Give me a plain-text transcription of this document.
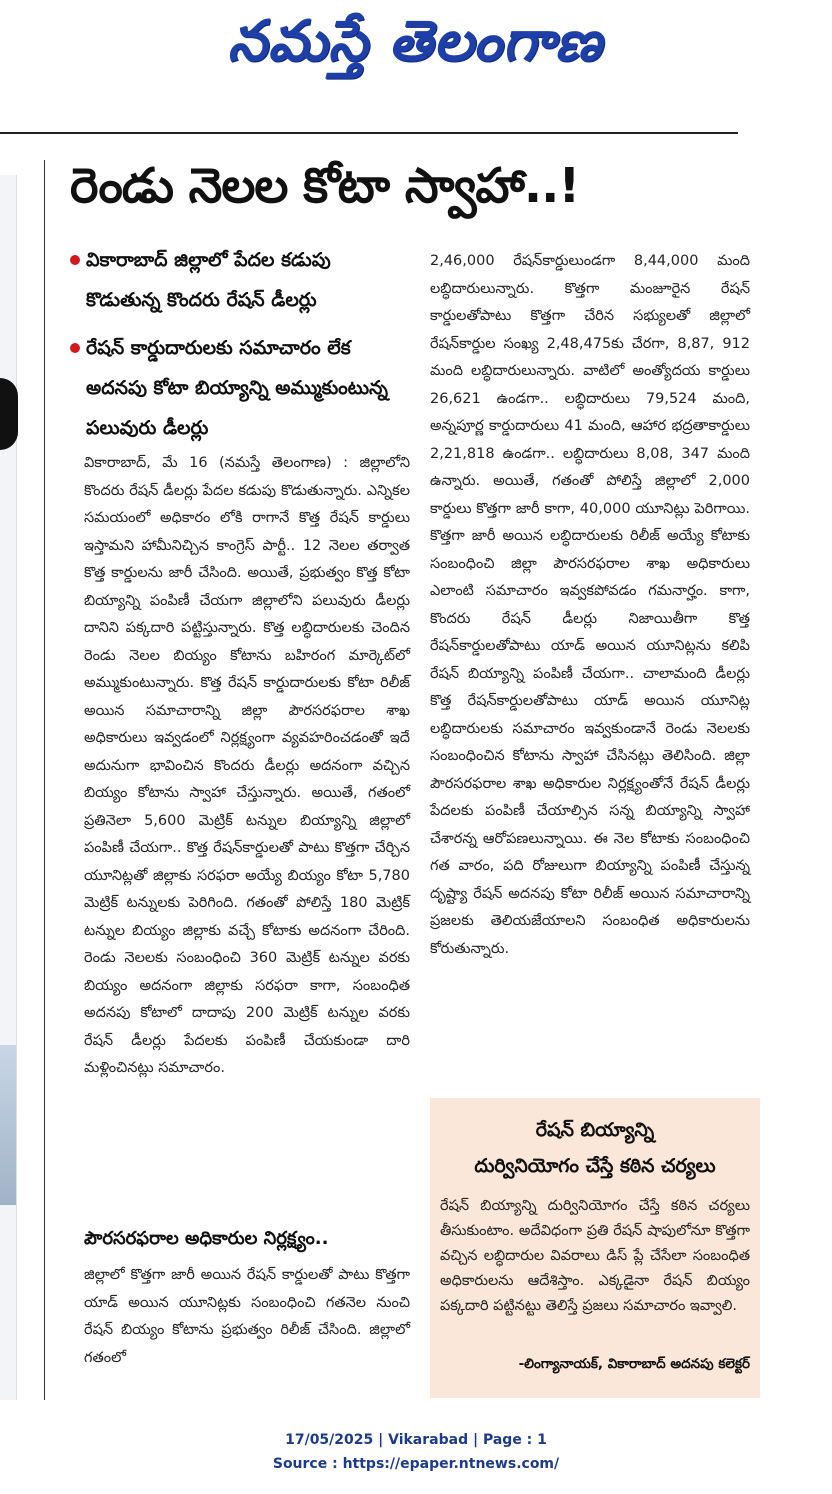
నమస్తే తెలంగాణ
రెండు నెలల కోటా స్వాహా..!
వికారాబాద్ జిల్లాలో పేదల కడుపు కొడుతున్న కొందరు రేషన్ డీలర్లు
రేషన్ కార్డుదారులకు సమాచారం లేక అదనపు కోటా బియ్యాన్ని అమ్ముకుంటున్న పలువురు డీలర్లు

వికారాబాద్, మే 16 (నమస్తే తెలంగాణ) : జిల్లాలోని కొందరు రేషన్ డీలర్లు పేదల కడుపు కొడుతున్నారు. ఎన్నికల సమయంలో అధికారం లోకి రాగానే కొత్త రేషన్ కార్డులు ఇస్తామని హామీనిచ్చిన కాంగ్రెస్ పార్టీ.. 12 నెలల తర్వాత కొత్త కార్డులను జారీ చేసింది. అయితే, ప్రభుత్వం కొత్త కోటా బియ్యాన్ని పంపిణీ చేయగా జిల్లాలోని పలువురు డీలర్లు దానిని పక్కదారి పట్టిస్తున్నారు. కొత్త లబ్ధిదారులకు చెందిన రెండు నెలల బియ్యం కోటాను బహిరంగ మార్కెట్‌లో అమ్ముకుంటున్నారు. కొత్త రేషన్ కార్డుదారులకు కోటా రిలీజ్ అయిన సమాచారాన్ని జిల్లా పౌరసరఫరాల శాఖ అధికారులు ఇవ్వడంలో నిర్లక్ష్యంగా వ్యవహరించడంతో ఇదే అదునుగా భావించిన కొందరు డీలర్లు అదనంగా వచ్చిన బియ్యం కోటాను స్వాహా చేస్తున్నారు. అయితే, గతంలో ప్రతినెలా 5,600 మెట్రిక్ టన్నుల బియ్యాన్ని జిల్లాలో పంపిణీ చేయగా.. కొత్త రేషన్‌కార్డులతో పాటు కొత్తగా చేర్చిన యూనిట్లతో జిల్లాకు సరఫరా అయ్యే బియ్యం కోటా 5,780 మెట్రిక్ టన్నులకు పెరిగింది. గతంతో పోలిస్తే 180 మెట్రిక్ టన్నుల బియ్యం జిల్లాకు వచ్చే కోటాకు అదనంగా చేరింది. రెండు నెలలకు సంబంధించి 360 మెట్రిక్ టన్నుల వరకు బియ్యం అదనంగా జిల్లాకు సరఫరా కాగా, సంబంధిత అదనపు కోటాలో దాదాపు 200 మెట్రిక్ టన్నుల వరకు రేషన్ డీలర్లు పేదలకు పంపిణీ చేయకుండా దారి మళ్లించినట్లు సమాచారం.

పౌరసరఫరాల అధికారుల నిర్లక్ష్యం..

జిల్లాలో కొత్తగా జారీ అయిన రేషన్ కార్డులతో పాటు కొత్తగా యాడ్ అయిన యూనిట్లకు సంబంధించి గతనెల నుంచి రేషన్ బియ్యం కోటాను ప్రభుత్వం రిలీజ్ చేసింది. జిల్లాలో గతంలో

2,46,000 రేషన్‌కార్డులుండగా 8,44,000 మంది లబ్ధిదారులున్నారు. కొత్తగా మంజూరైన రేషన్ కార్డులతోపాటు కొత్తగా చేరిన సభ్యులతో జిల్లాలో రేషన్‌కార్డుల సంఖ్య 2,48,475కు చేరగా, 8,87, 912 మంది లబ్ధిదారులున్నారు. వాటిలో అంత్యోదయ కార్డులు 26,621 ఉండగా.. లబ్ధిదారులు 79,524 మంది, అన్నపూర్ణ కార్డుదారులు 41 మంది, ఆహార భద్రతాకార్డులు 2,21,818 ఉండగా.. లబ్ధిదారులు 8,08, 347 మంది ఉన్నారు. అయితే, గతంతో పోలిస్తే జిల్లాలో 2,000 కార్డులు కొత్తగా జారీ కాగా, 40,000 యూనిట్లు పెరిగాయి. కొత్తగా జారీ అయిన లబ్ధిదారులకు రిలీజ్ అయ్యే కోటాకు సంబంధించి జిల్లా పౌరసరఫరాల శాఖ అధికారులు ఎలాంటి సమాచారం ఇవ్వకపోవడం గమనార్హం. కాగా, కొందరు రేషన్ డీలర్లు నిజాయితీగా కొత్త రేషన్‌కార్డులతోపాటు యాడ్ అయిన యూనిట్లను కలిపి రేషన్ బియ్యాన్ని పంపిణీ చేయగా.. చాలామంది డీలర్లు కొత్త రేషన్‌కార్డులతోపాటు యాడ్ అయిన యూనిట్ల లబ్ధిదారులకు సమాచారం ఇవ్వకుండానే రెండు నెలలకు సంబంధించిన కోటాను స్వాహా చేసినట్లు తెలిసింది. జిల్లా పౌరసరఫరాల శాఖ అధికారుల నిర్లక్ష్యంతోనే రేషన్ డీలర్లు పేదలకు పంపిణీ చేయాల్సిన సన్న బియ్యాన్ని స్వాహా చేశారన్న ఆరోపణలున్నాయి. ఈ నెల కోటాకు సంబంధించి గత వారం, పది రోజులుగా బియ్యాన్ని పంపిణీ చేస్తున్న దృష్ట్యా రేషన్ అదనపు కోటా రిలీజ్ అయిన సమాచారాన్ని ప్రజలకు తెలియజేయాలని సంబంధిత అధికారులను కోరుతున్నారు.

రేషన్ బియ్యాన్ని
దుర్వినియోగం చేస్తే కఠిన చర్యలు
రేషన్ బియ్యాన్ని దుర్వినియోగం చేస్తే కఠిన చర్యలు తీసుకుంటాం. అదేవిధంగా ప్రతి రేషన్ షాపులోనూ కొత్తగా వచ్చిన లబ్ధిదారుల వివరాలు డిస్ ప్లే చేసేలా సంబంధిత అధికారులను ఆదేశిస్తాం. ఎక్కడైనా రేషన్ బియ్యం పక్కదారి పట్టినట్టు తెలిస్తే ప్రజలు సమాచారం ఇవ్వాలి.
-లింగ్యానాయక్, వికారాబాద్ అదనపు కలెక్టర్
17/05/2025 | Vikarabad | Page : 1
Source : https://epaper.ntnews.com/
